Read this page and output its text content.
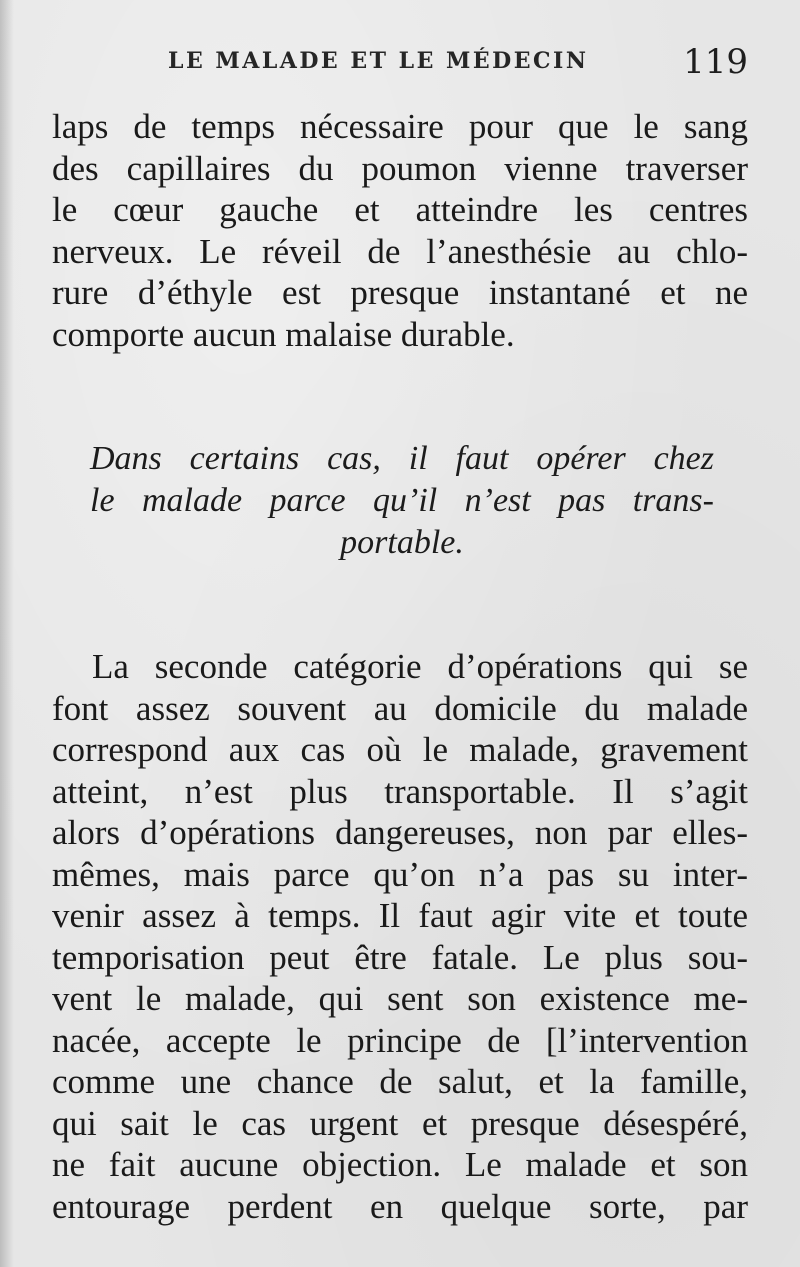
LE MALADE ET LE MÉDECIN	119
laps de temps nécessaire pour que le sang
des capillaires du poumon vienne traverser
le cœur gauche et atteindre les centres
nerveux. Le réveil de l’anesthésie au chlo-
rure d’éthyle est presque instantané et ne
comporte aucun malaise durable.
Dans certains cas, il faut opérer chez
le malade parce qu’il n’est pas trans-
portable.
La seconde catégorie d’opérations qui se
font assez souvent au domicile du malade
correspond aux cas où le malade, gravement
atteint, n’est plus transportable. Il s’agit
alors d’opérations dangereuses, non par elles-
mêmes, mais parce qu’on n’a pas su inter-
venir assez à temps. Il faut agir vite et toute
temporisation peut être fatale. Le plus sou-
vent le malade, qui sent son existence me-
nacée, accepte le principe de [l’intervention
comme une chance de salut, et la famille,
qui sait le cas urgent et presque désespéré,
ne fait aucune objection. Le malade et son
entourage perdent en quelque sorte, par
